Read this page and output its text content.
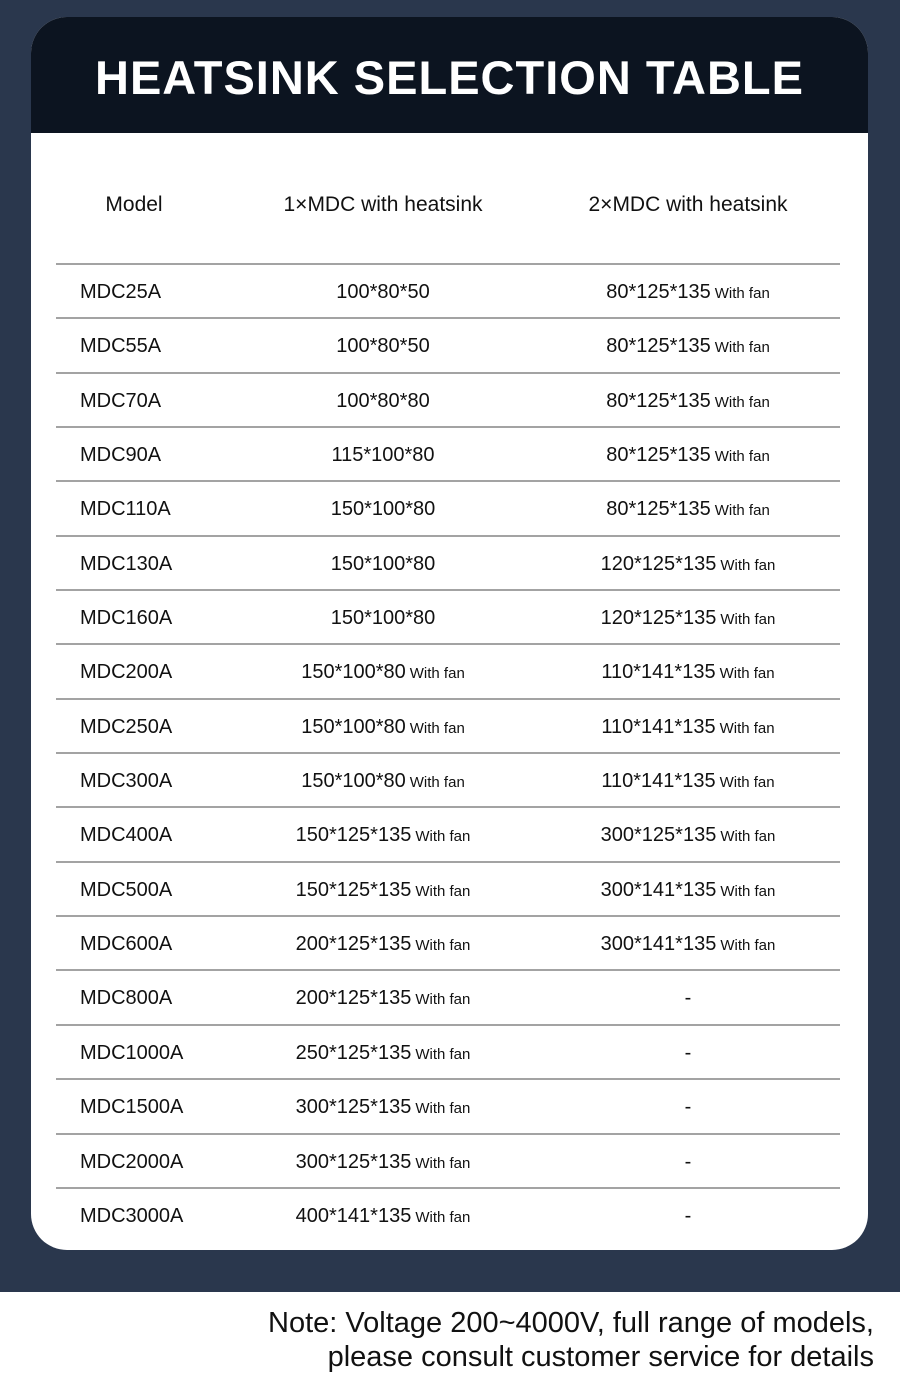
HEATSINK SELECTION TABLE
Model	1×MDC with heatsink	2×MDC with heatsink
MDC25A	100*80*50	80*125*135 With fan
MDC55A	100*80*50	80*125*135 With fan
MDC70A	100*80*80	80*125*135 With fan
MDC90A	115*100*80	80*125*135 With fan
MDC110A	150*100*80	80*125*135 With fan
MDC130A	150*100*80	120*125*135 With fan
MDC160A	150*100*80	120*125*135 With fan
MDC200A	150*100*80 With fan	110*141*135 With fan
MDC250A	150*100*80 With fan	110*141*135 With fan
MDC300A	150*100*80 With fan	110*141*135 With fan
MDC400A	150*125*135 With fan	300*125*135 With fan
MDC500A	150*125*135 With fan	300*141*135 With fan
MDC600A	200*125*135 With fan	300*141*135 With fan
MDC800A	200*125*135 With fan	-
MDC1000A	250*125*135 With fan	-
MDC1500A	300*125*135 With fan	-
MDC2000A	300*125*135 With fan	-
MDC3000A	400*141*135 With fan	-
Note: Voltage 200~4000V, full range of models,
please consult customer service for details
